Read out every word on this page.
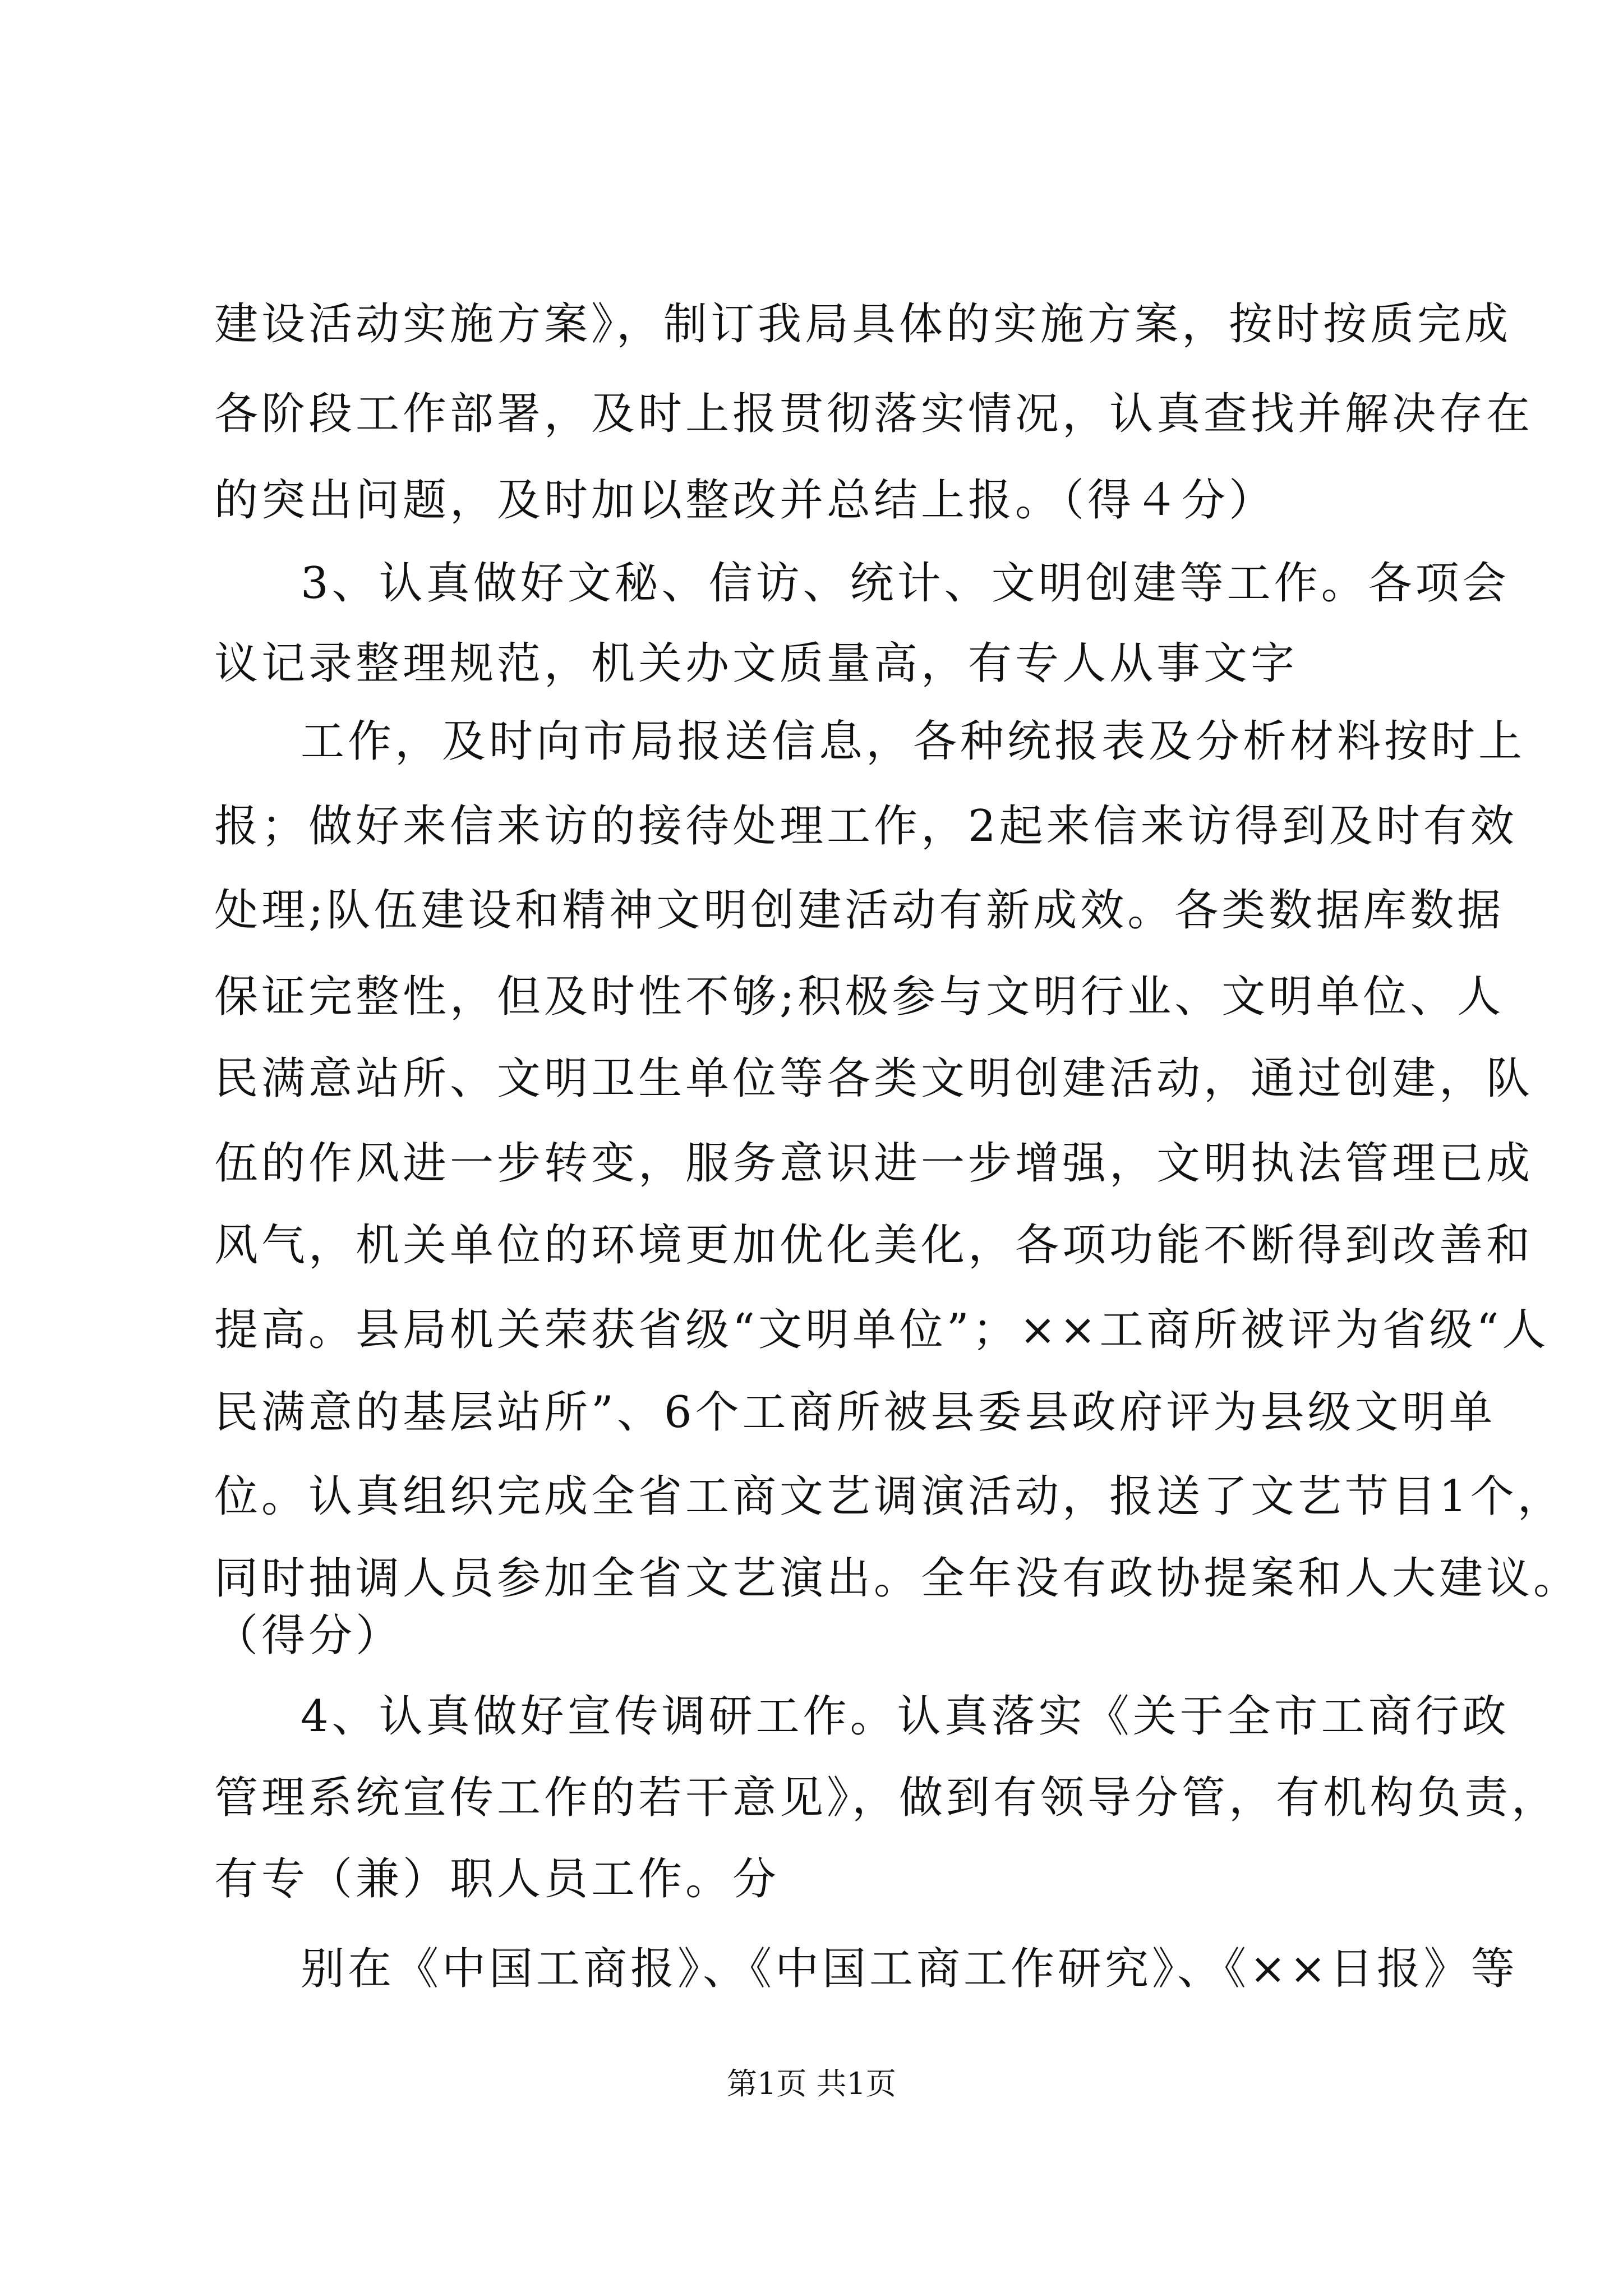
建设活动实施方案》，制订我局具体的实施方案，按时按质完成
各阶段工作部署，及时上报贯彻落实情况，认真查找并解决存在
的突出问题，及时加以整改并总结上报。（得４分）
3、认真做好文秘、信访、统计、文明创建等工作。各项会
议记录整理规范，机关办文质量高，有专人从事文字
工作，及时向市局报送信息，各种统报表及分析材料按时上
报；做好来信来访的接待处理工作，2起来信来访得到及时有效
处理;队伍建设和精神文明创建活动有新成效。各类数据库数据
保证完整性，但及时性不够;积极参与文明行业、文明单位、人
民满意站所、文明卫生单位等各类文明创建活动，通过创建，队
伍的作风进一步转变，服务意识进一步增强，文明执法管理已成
风气，机关单位的环境更加优化美化，各项功能不断得到改善和
提高。县局机关荣获省级“文明单位”；××工商所被评为省级“人
民满意的基层站所”、6个工商所被县委县政府评为县级文明单
位。认真组织完成全省工商文艺调演活动，报送了文艺节目1个，
同时抽调人员参加全省文艺演出。全年没有政协提案和人大建议。
（得分）
4、认真做好宣传调研工作。认真落实《关于全市工商行政
管理系统宣传工作的若干意见》，做到有领导分管，有机构负责，
有专（兼）职人员工作。分
别在《中国工商报》、《中国工商工作研究》、《××日报》等
第1页 共1页
